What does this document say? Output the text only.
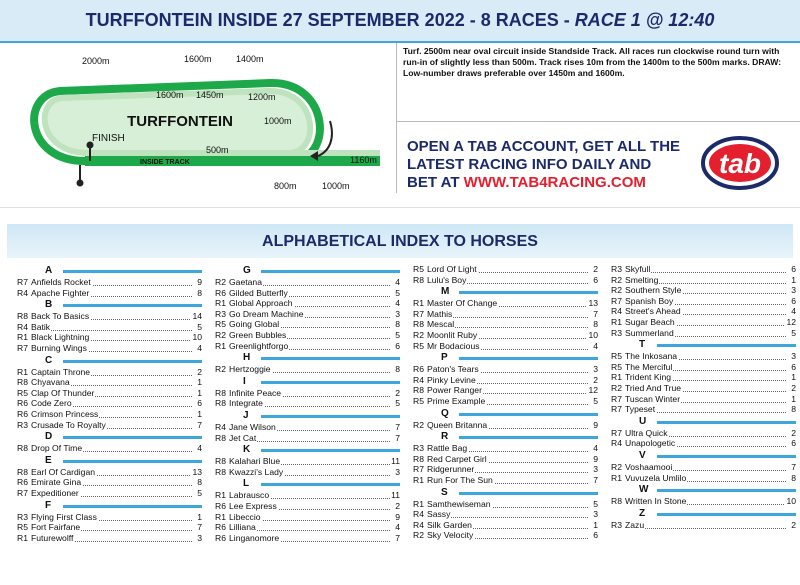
TURFFONTEIN INSIDE 27 SEPTEMBER 2022 - 8 RACES - RACE 1 @ 12:40
TURFFONTEIN
FINISH
INSIDE TRACK
STANDSIDE TRACK
2000m	1600m	1400m
1600m 1450m	1200m
1000m
500m
1160m
800m	1000m
Turf. 2500m near oval circuit inside Standside Track. All races run clockwise round turn with run-in of slightly less than 500m. Track rises 10m from the 1400m to the 500m marks. DRAW: Low-number draws preferable over 1450m and 1600m.
OPEN A TAB ACCOUNT, GET ALL THE
LATEST RACING INFO DAILY AND
BET AT WWW.TAB4RACING.COM
tab
ALPHABETICAL INDEX TO HORSES
A
R7 Anfields Rocket	9
R4 Apache Fighter	8
B
R8 Back To Basics	14
R4 Batik	5
R1 Black Lightning	10
R7 Burning Wings	4
C
R1 Captain Throne	2
R8 Chyavana	1
R5 Clap Of Thunder	1
R6 Code Zero	6
R6 Crimson Princess	1
R3 Crusade To Royalty	7
D
R8 Drop Of Time	4
E
R8 Earl Of Cardigan	13
R6 Emirate Gina	8
R7 Expeditioner	5
F
R3 Flying First Class	1
R5 Fort Fairfane	7
R1 Futurewolff	3
G
R2 Gaetana	4
R6 Gilded Butterfly	5
R1 Global Approach	4
R3 Go Dream Machine	3
R5 Going Global	8
R2 Green Bubbles	5
R1 Greenlightforgo	6
H
R2 Hertzoggie	8
I
R8 Infinite Peace	2
R8 Integrate	5
J
R4 Jane Wilson	7
R8 Jet Cat	7
K
R8 Kalahari Blue	11
R8 Kwazzi's Lady	3
L
R1 Labrausco	11
R6 Lee Express	2
R1 Libeccio	9
R6 Lilliana	4
R6 Linganomore	7
R5 Lord Of Light	2
R8 Lulu's Boy	6
M
R1 Master Of Change	13
R7 Mathis	7
R8 Mescal	8
R2 Moonlit Ruby	10
R5 Mr Bodacious	4
P
R6 Paton's Tears	3
R4 Pinky Levine	2
R8 Power Ranger	12
R5 Prime Example	5
Q
R2 Queen Britanna	9
R
R3 Rattle Bag	4
R8 Red Carpet Girl	9
R7 Ridgerunner	3
R1 Run For The Sun	7
S
R1 Samthewiseman	5
R4 Sassy	3
R4 Silk Garden	1
R2 Sky Velocity	6
R3 Skyfull	6
R2 Smelting	1
R2 Southern Style	3
R7 Spanish Boy	6
R4 Street's Ahead	4
R1 Sugar Beach	12
R3 Summerland	5
T
R5 The Inkosana	3
R5 The Merciful	6
R1 Trident King	1
R2 Tried And True	2
R7 Tuscan Winter	1
R7 Typeset	8
U
R7 Ultra Quick	2
R4 Unapologetic	6
V
R2 Voshaamooi	7
R1 Vuvuzela Umlilo	8
W
R8 Written In Stone	10
Z
R3 Zazu	2
